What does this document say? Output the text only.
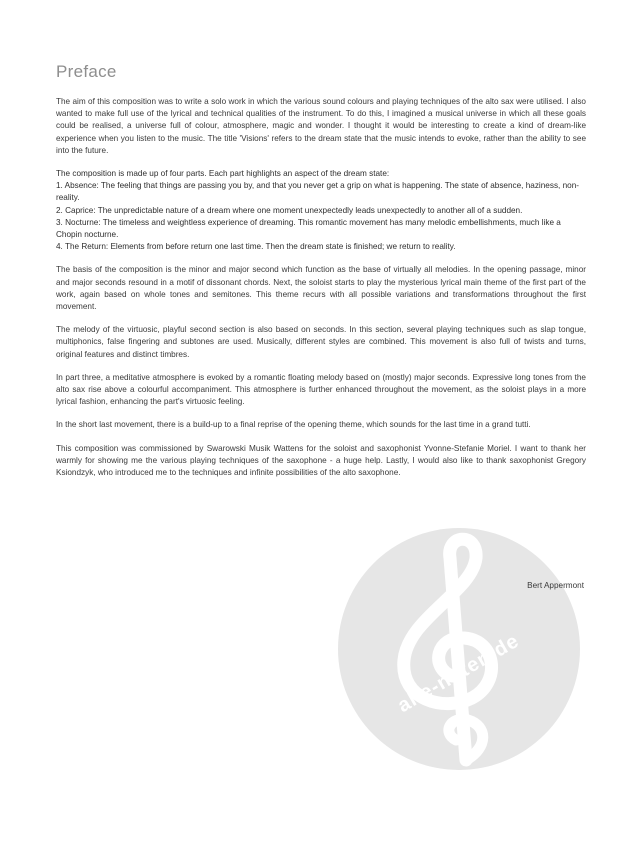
alle-noten.de
Preface

The aim of this composition was to write a solo work in which the various sound colours and playing techniques of the alto sax were utilised. I also wanted to make full use of the lyrical and technical qualities of the instrument. To do this, I imagined a musical universe in which all these goals could be realised, a universe full of colour, atmosphere, magic and wonder. I thought it would be interesting to create a kind of dream-like experience when you listen to the music. The title 'Visions' refers to the dream state that the music intends to evoke, rather than the ability to see into the future.

The composition is made up of four parts. Each part highlights an aspect of the dream state:
1. Absence: The feeling that things are passing you by, and that you never get a grip on what is happening. The state of absence, haziness, non-reality.
2. Caprice: The unpredictable nature of a dream where one moment unexpectedly leads unexpectedly to another all of a sudden.
3. Nocturne: The timeless and weightless experience of dreaming. This romantic movement has many melodic embellishments, much like a Chopin nocturne.
4. The Return: Elements from before return one last time. Then the dream state is finished; we return to reality.

The basis of the composition is the minor and major second which function as the base of virtually all melodies. In the opening passage, minor and major seconds resound in a motif of dissonant chords. Next, the soloist starts to play the mysterious lyrical main theme of the first part of the work, again based on whole tones and semitones. This theme recurs with all possible variations and transformations throughout the first movement.

The melody of the virtuosic, playful second section is also based on seconds. In this section, several playing techniques such as slap tongue, multiphonics, false fingering and subtones are used. Musically, different styles are combined. This movement is also full of twists and turns, original features and distinct timbres.

In part three, a meditative atmosphere is evoked by a romantic floating melody based on (mostly) major seconds. Expressive long tones from the alto sax rise above a colourful accompaniment. This atmosphere is further enhanced throughout the movement, as the soloist plays in a more lyrical fashion, enhancing the part's virtuosic feeling.

In the short last movement, there is a build-up to a final reprise of the opening theme, which sounds for the last time in a grand tutti.

This composition was commissioned by Swarowski Musik Wattens for the soloist and saxophonist Yvonne-Stefanie Moriel. I want to thank her warmly for showing me the various playing techniques of the saxophone - a huge help. Lastly, I would also like to thank saxophonist Gregory Ksiondzyk, who introduced me to the techniques and infinite possibilities of the alto saxophone.

Bert Appermont
